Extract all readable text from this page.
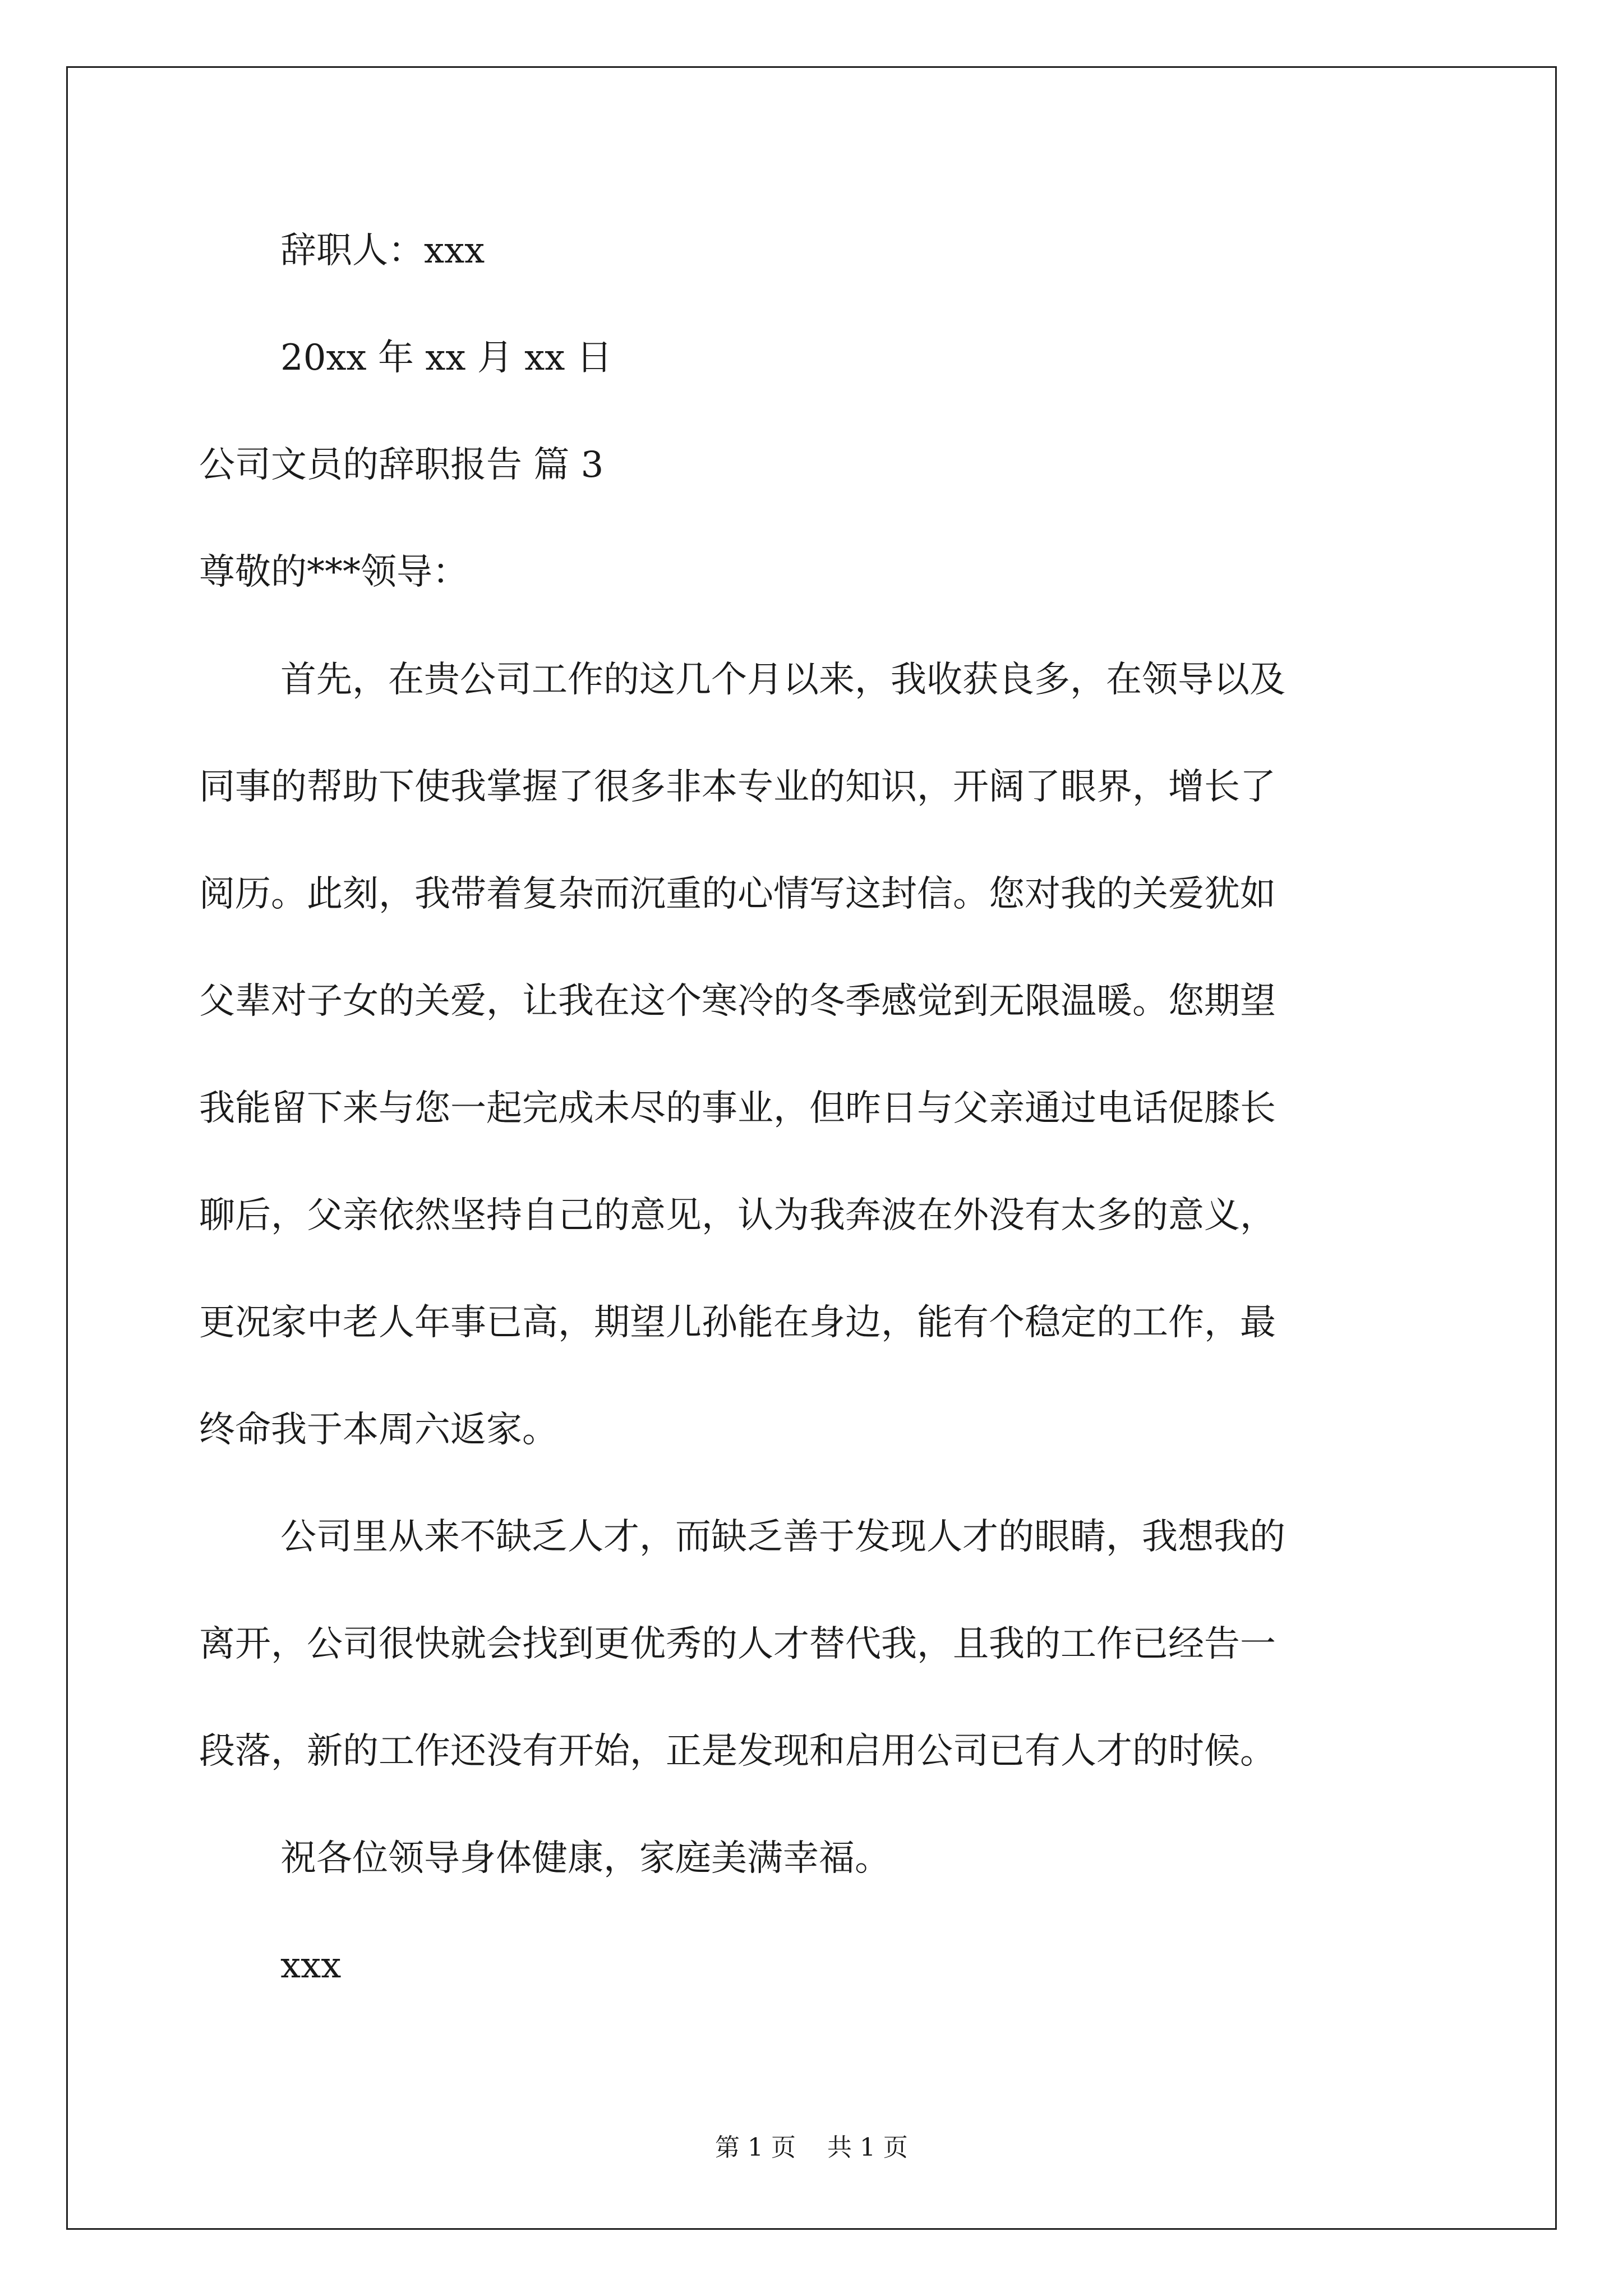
辞职人：xxx
20xx 年 xx 月 xx 日
公司文员的辞职报告 篇 3
尊敬的***领导：
首先，在贵公司工作的这几个月以来，我收获良多，在领导以及
同事的帮助下使我掌握了很多非本专业的知识，开阔了眼界，增长了
阅历。此刻，我带着复杂而沉重的心情写这封信。您对我的关爱犹如
父辈对子女的关爱，让我在这个寒冷的冬季感觉到无限温暖。您期望
我能留下来与您一起完成未尽的事业，但昨日与父亲通过电话促膝长
聊后，父亲依然坚持自己的意见，认为我奔波在外没有太多的意义，
更况家中老人年事已高，期望儿孙能在身边，能有个稳定的工作，最
终命我于本周六返家。
公司里从来不缺乏人才，而缺乏善于发现人才的眼睛，我想我的
离开，公司很快就会找到更优秀的人才替代我，且我的工作已经告一
段落，新的工作还没有开始，正是发现和启用公司已有人才的时候。
祝各位领导身体健康，家庭美满幸福。
xxx
第 1 页    共 1 页
